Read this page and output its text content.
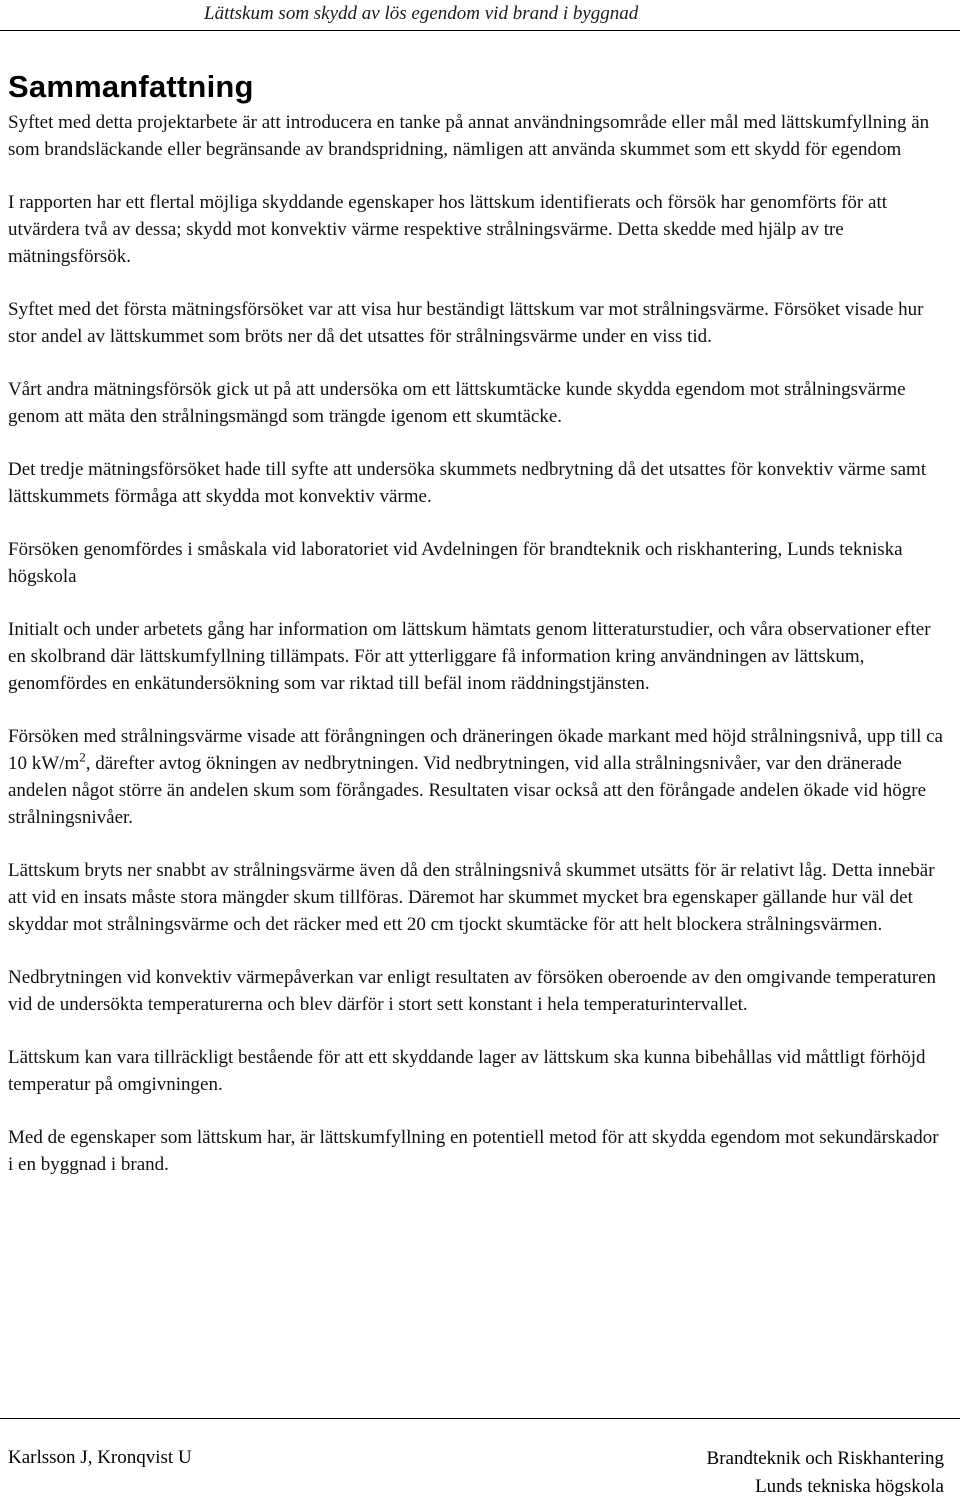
Lättskum som skydd av lös egendom vid brand i byggnad
Sammanfattning

Syftet med detta projektarbete är att introducera en tanke på annat användningsområde eller mål med lättskumfyllning än som brandsläckande eller begränsande av brandspridning, nämligen att använda skummet som ett skydd för egendom

I rapporten har ett flertal möjliga skyddande egenskaper hos lättskum identifierats och försök har genomförts för att utvärdera två av dessa; skydd mot konvektiv värme respektive strålningsvärme. Detta skedde med hjälp av tre mätningsförsök.

Syftet med det första mätningsförsöket var att visa hur beständigt lättskum var mot strålningsvärme. Försöket visade hur stor andel av lättskummet som bröts ner då det utsattes för strålningsvärme under en viss tid.

Vårt andra mätningsförsök gick ut på att undersöka om ett lättskumtäcke kunde skydda egendom mot strålningsvärme genom att mäta den strålningsmängd som trängde igenom ett skumtäcke.

Det tredje mätningsförsöket hade till syfte att undersöka skummets nedbrytning då det utsattes för konvektiv värme samt lättskummets förmåga att skydda mot konvektiv värme.

Försöken genomfördes i småskala vid laboratoriet vid Avdelningen för brandteknik och riskhantering, Lunds tekniska högskola

Initialt och under arbetets gång har information om lättskum hämtats genom litteraturstudier, och våra observationer efter en skolbrand där lättskumfyllning tillämpats. För att ytterliggare få information kring användningen av lättskum, genomfördes en enkätundersökning som var riktad till befäl inom räddningstjänsten.

Försöken med strålningsvärme visade att förångningen och dräneringen ökade markant med höjd strålningsnivå, upp till ca 10 $kW/m^2$, därefter avtog ökningen av nedbrytningen. Vid nedbrytningen, vid alla strålningsnivåer, var den dränerade andelen något större än andelen skum som förångades. Resultaten visar också att den förångade andelen ökade vid högre strålningsnivåer.

Lättskum bryts ner snabbt av strålningsvärme även då den strålningsnivå skummet utsätts för är relativt låg. Detta innebär att vid en insats måste stora mängder skum tillföras. Däremot har skummet mycket bra egenskaper gällande hur väl det skyddar mot strålningsvärme och det räcker med ett 20 cm tjockt skumtäcke för att helt blockera strålningsvärmen.

Nedbrytningen vid konvektiv värmepåverkan var enligt resultaten av försöken oberoende av den omgivande temperaturen vid de undersökta temperaturerna och blev därför i stort sett konstant i hela temperaturintervallet.

Lättskum kan vara tillräckligt bestående för att ett skyddande lager av lättskum ska kunna bibehållas vid måttligt förhöjd temperatur på omgivningen.

Med de egenskaper som lättskum har, är lättskumfyllning en potentiell metod för att skydda egendom mot sekundärskador i en byggnad i brand.

Karlsson J, Kronqvist U	Brandteknik och Riskhantering
Lunds tekniska högskola
